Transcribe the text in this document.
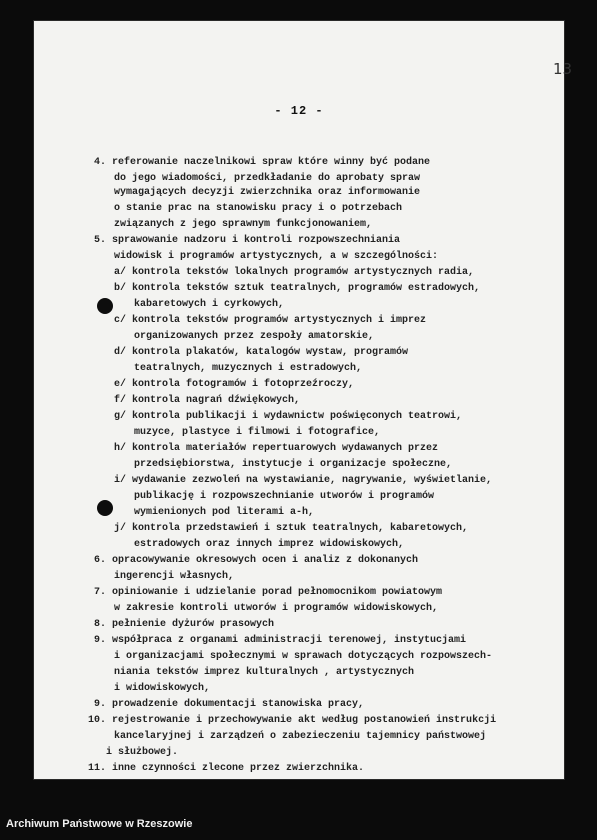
13
- 12 -
4. referowanie naczelnikowi spraw które winny być podane
do jego wiadomości, przedkładanie do aprobaty spraw
wymagających decyzji zwierzchnika oraz informowanie
o stanie prac na stanowisku pracy i o potrzebach
związanych z jego sprawnym funkcjonowaniem,
5. sprawowanie nadzoru i kontroli rozpowszechniania
widowisk i programów artystycznych, a w szczególności:
a/ kontrola tekstów lokalnych programów artystycznych radia,
b/ kontrola tekstów sztuk teatralnych, programów estradowych,
kabaretowych i cyrkowych,
c/ kontrola tekstów programów artystycznych i imprez
organizowanych przez zespoły amatorskie,
d/ kontrola plakatów, katalogów wystaw, programów
teatralnych, muzycznych i estradowych,
e/ kontrola fotogramów i fotoprzeźroczy,
f/ kontrola nagrań dźwiękowych,
g/ kontrola publikacji i wydawnictw poświęconych teatrowi,
muzyce, plastyce i filmowi i fotografice,
h/ kontrola materiałów repertuarowych wydawanych przez
przedsiębiorstwa, instytucje i organizacje społeczne,
i/ wydawanie zezwoleń na wystawianie, nagrywanie, wyświetlanie,
publikację i rozpowszechnianie utworów i programów
wymienionych pod literami a-h,
j/ kontrola przedstawień i sztuk teatralnych, kabaretowych,
estradowych oraz innych imprez widowiskowych,
6. opracowywanie okresowych ocen i analiz z dokonanych
ingerencji własnych,
7. opiniowanie i udzielanie porad pełnomocnikom powiatowym
w zakresie kontroli utworów i programów widowiskowych,
8. pełnienie dyżurów prasowych
9. współpraca z organami administracji terenowej, instytucjami
i organizacjami społecznymi w sprawach dotyczących rozpowszech-
niania tekstów imprez kulturalnych , artystycznych
i widowiskowych,
9. prowadzenie dokumentacji stanowiska pracy,
10. rejestrowanie i przechowywanie akt według postanowień instrukcji
kancelaryjnej i zarządzeń o zabezieczeniu tajemnicy państwowej
i służbowej.
11. inne czynności zlecone przez zwierzchnika.
Archiwum Państwowe w Rzeszowie
